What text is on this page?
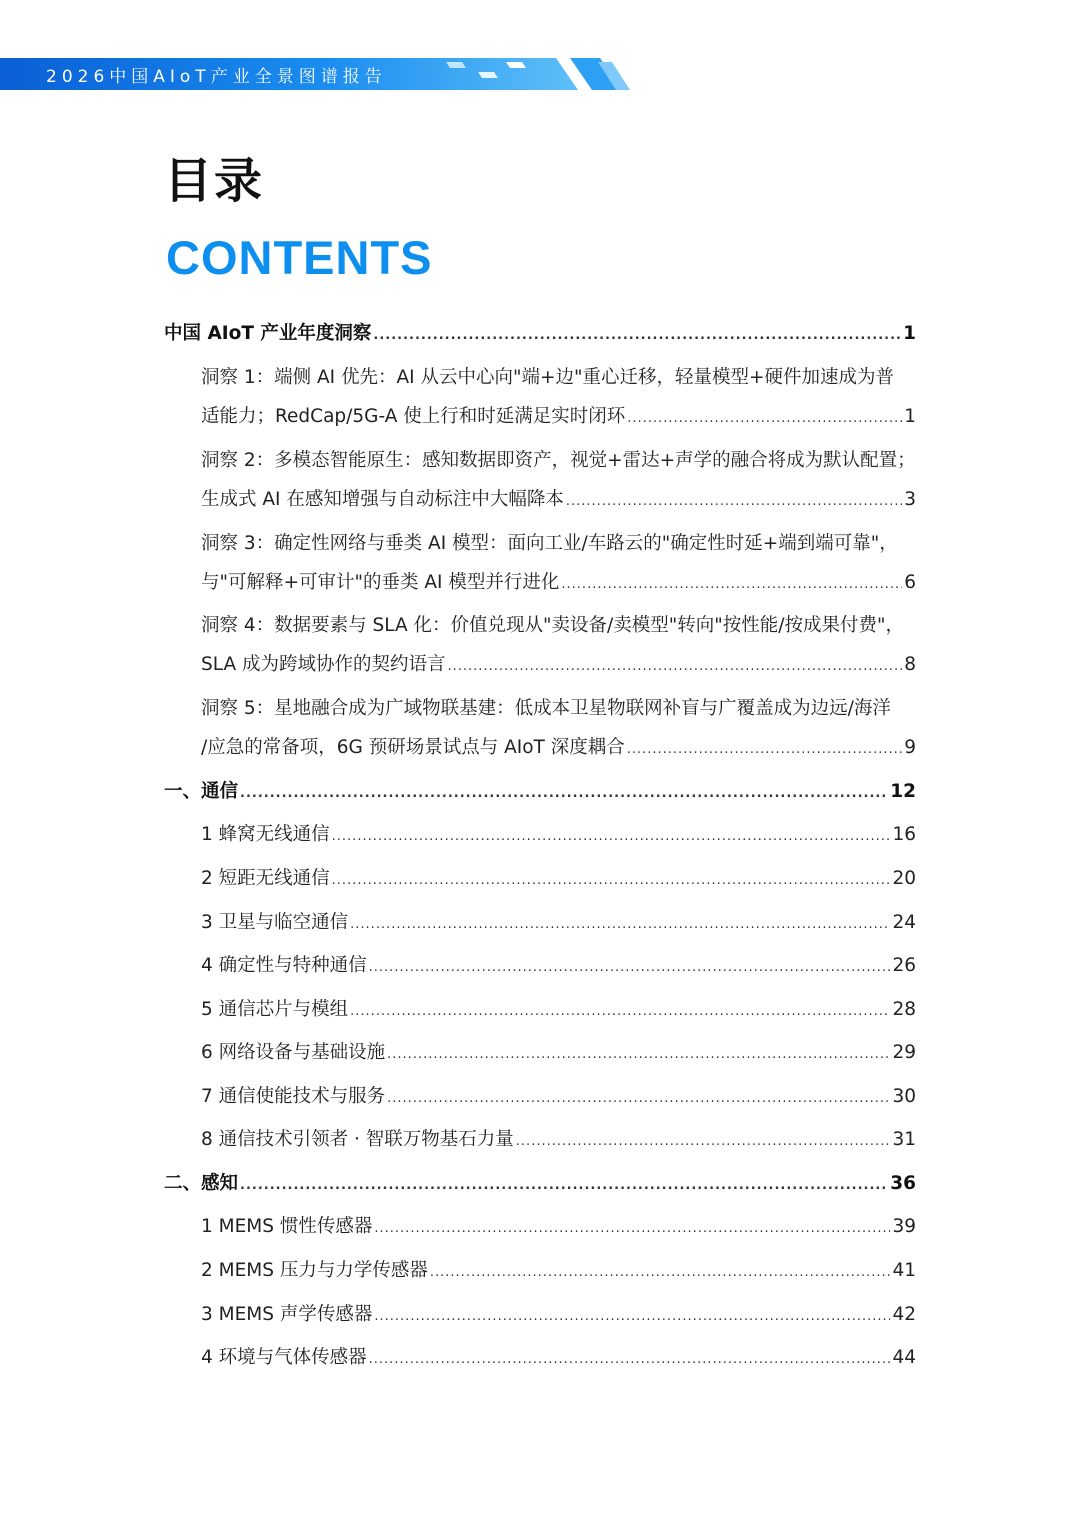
2026中国AIoT产业全景图谱报告
目录
CONTENTS
中国 AIoT 产业年度洞察 .....	1
洞察 1：端侧 AI 优先：AI 从云中心向"端+边"重心迁移，轻量模型+硬件加速成为普
适能力；RedCap/5G-A 使上行和时延满足实时闭环 .....	1
洞察 2：多模态智能原生：感知数据即资产，视觉+雷达+声学的融合将成为默认配置；
生成式 AI 在感知增强与自动标注中大幅降本 .....	3
洞察 3：确定性网络与垂类 AI 模型：面向工业/车路云的"确定性时延+端到端可靠"，
与"可解释+可审计"的垂类 AI 模型并行进化 .....	6
洞察 4：数据要素与 SLA 化：价值兑现从"卖设备/卖模型"转向"按性能/按成果付费"，
SLA 成为跨域协作的契约语言 .....	8
洞察 5：星地融合成为广域物联基建：低成本卫星物联网补盲与广覆盖成为边远/海洋
/应急的常备项，6G 预研场景试点与 AIoT 深度耦合 .....	9
一、通信 .....	12
1 蜂窝无线通信 .....	16
2 短距无线通信 .....	20
3 卫星与临空通信 .....	24
4 确定性与特种通信 .....	26
5 通信芯片与模组 .....	28
6 网络设备与基础设施 .....	29
7 通信使能技术与服务 .....	30
8 通信技术引领者 · 智联万物基石力量 .....	31
二、感知 .....	36
1 MEMS 惯性传感器 .....	39
2 MEMS 压力与力学传感器 .....	41
3 MEMS 声学传感器 .....	42
4 环境与气体传感器 .....	44
